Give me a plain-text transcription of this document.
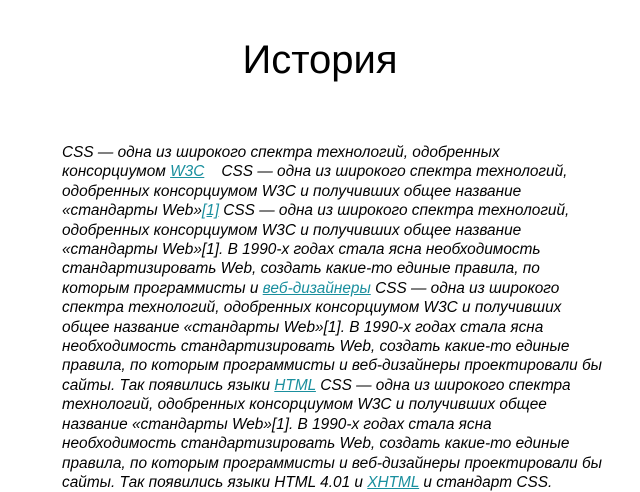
История

CSS — одна из широкого спектра технологий, одобренных консорциумом W3C    CSS — одна из широкого спектра технологий, одобренных консорциумом W3C и получивших общее название «стандарты Web»[1] CSS — одна из широкого спектра технологий, одобренных консорциумом W3C и получивших общее название «стандарты Web»[1]. В 1990-х годах стала ясна необходимость стандартизировать Web, создать какие-то единые правила, по которым программисты и веб-дизайнеры CSS — одна из широкого спектра технологий, одобренных консорциумом W3C и получивших общее название «стандарты Web»[1]. В 1990-х годах стала ясна необходимость стандартизировать Web, создать какие-то единые правила, по которым программисты и веб-дизайнеры проектировали бы сайты. Так появились языки HTML CSS — одна из широкого спектра технологий, одобренных консорциумом W3C и получивших общее название «стандарты Web»[1]. В 1990-х годах стала ясна необходимость стандартизировать Web, создать какие-то единые правила, по которым программисты и веб-дизайнеры проектировали бы сайты. Так появились языки HTML 4.01 и XHTML и стандарт CSS.
